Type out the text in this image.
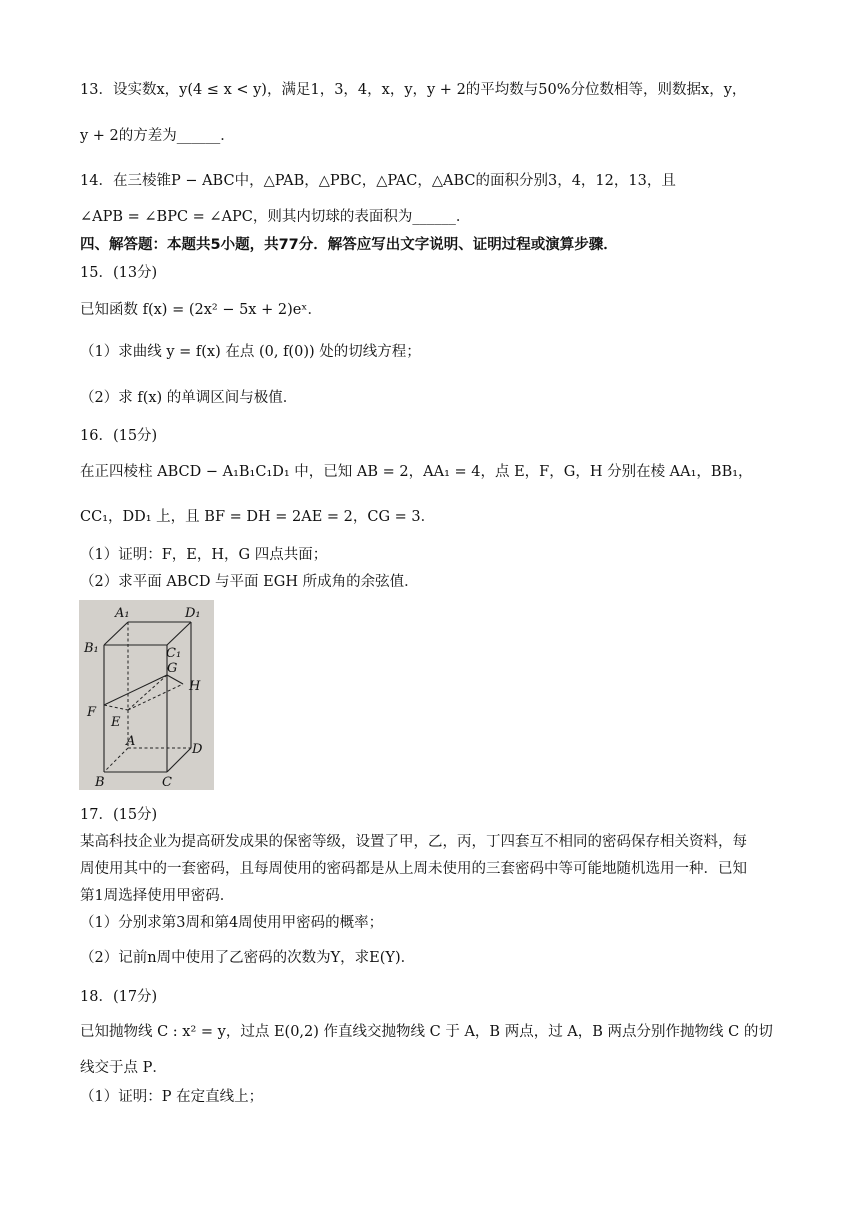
13．设实数x，y(4 ≤ x < y)，满足1，3，4，x，y，y + 2的平均数与50%分位数相等，则数据x，y，
y + 2的方差为______．
14．在三棱锥P − ABC中，△PAB，△PBC，△PAC，△ABC的面积分别3，4，12，13，且
∠APB = ∠BPC = ∠APC，则其内切球的表面积为______．
四、解答题：本题共5小题，共77分．解答应写出文字说明、证明过程或演算步骤．
15．(13分)
已知函数 f(x) = (2x² − 5x + 2)eˣ．
（1）求曲线 y = f(x) 在点 (0, f(0)) 处的切线方程；
（2）求 f(x) 的单调区间与极值．
16．(15分)
在正四棱柱 ABCD − A₁B₁C₁D₁ 中，已知 AB = 2，AA₁ = 4，点 E，F，G，H 分别在棱 AA₁，BB₁，
CC₁，DD₁ 上，且 BF = DH = 2AE = 2，CG = 3．
（1）证明：F，E，H，G 四点共面；
（2）求平面 ABCD 与平面 EGH 所成角的余弦值．
A₁	D₁
B₁	C₁
G
H
F
E
A
D
B	C
17．(15分)
某高科技企业为提高研发成果的保密等级，设置了甲，乙，丙，丁四套互不相同的密码保存相关资料，每
周使用其中的一套密码，且每周使用的密码都是从上周未使用的三套密码中等可能地随机选用一种．已知
第1周选择使用甲密码．
（1）分别求第3周和第4周使用甲密码的概率；
（2）记前n周中使用了乙密码的次数为Y，求E(Y)．
18．(17分)
已知抛物线 C : x² = y，过点 E(0,2) 作直线交抛物线 C 于 A，B 两点，过 A，B 两点分别作抛物线 C 的切
线交于点 P．
（1）证明：P 在定直线上；
